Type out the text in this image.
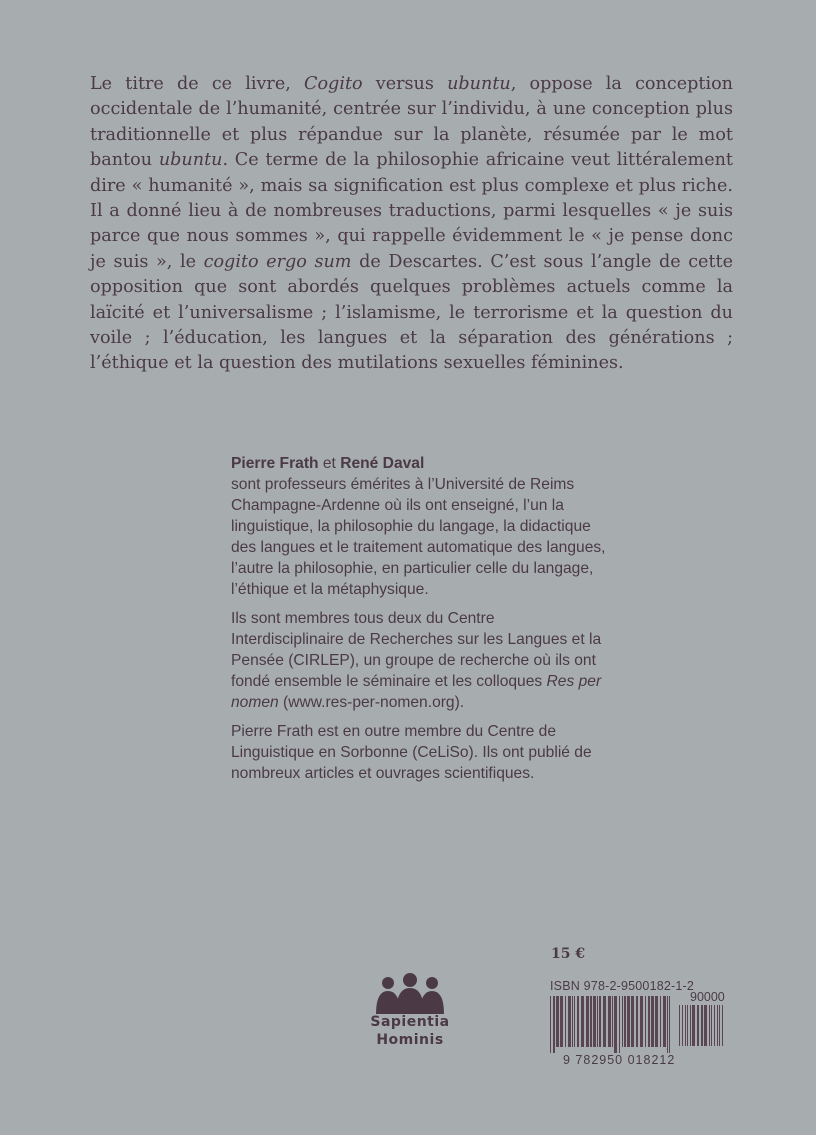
Le titre de ce livre, Cogito versus ubuntu, oppose la conception occidentale de l’humanité, centrée sur l’individu, à une conception plus traditionnelle et plus répandue sur la planète, résumée par le mot bantou ubuntu. Ce terme de la philosophie africaine veut littéralement dire « humanité », mais sa signification est plus complexe et plus riche. Il a donné lieu à de nombreuses traductions, parmi lesquelles « je suis parce que nous sommes », qui rappelle évidemment le « je pense donc je suis », le cogito ergo sum de Descartes. C’est sous l’angle de cette opposition que sont abordés quelques problèmes actuels comme la laïcité et l’universalisme ; l’islamisme, le terrorisme et la question du voile ; l’éducation, les langues et la séparation des générations ; l’éthique et la question des mutilations sexuelles féminines.

Pierre Frath et René Daval
sont professeurs émérites à l’Université de Reims Champagne-Ardenne où ils ont enseigné, l’un la linguistique, la philosophie du langage, la didactique des langues et le traitement automatique des langues, l’autre la philosophie, en particulier celle du langage, l’éthique et la métaphysique.

Ils sont membres tous deux du Centre Interdisciplinaire de Recherches sur les Langues et la Pensée (CIRLEP), un groupe de recherche où ils ont fondé ensemble le séminaire et les colloques Res per nomen (www.res-per-nomen.org).

Pierre Frath est en outre membre du Centre de Linguistique en Sorbonne (CeLiSo). Ils ont publié de nombreux articles et ouvrages scientifiques.

Sapientia
Hominis
15 €
ISBN 978-2-9500182-1-2
90000
9 782950 018212
